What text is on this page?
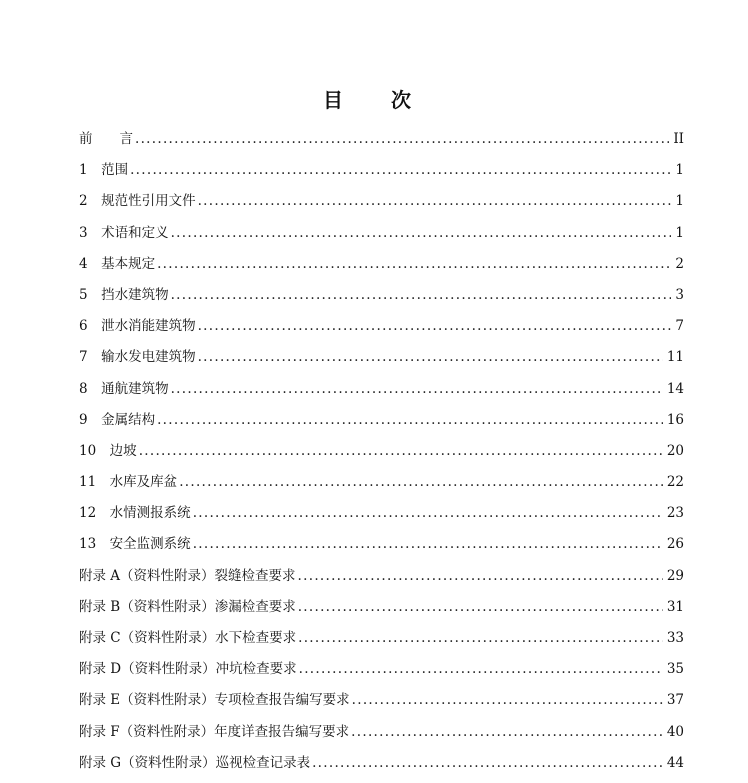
目　次
前　　言 .....	II
1　范围 .....	1
2　规范性引用文件 .....	1
3　术语和定义 .....	1
4　基本规定 .....	2
5　挡水建筑物 .....	3
6　泄水消能建筑物 .....	7
7　输水发电建筑物 .....	11
8　通航建筑物 .....	14
9　金属结构 .....	16
10　边坡 .....	20
11　水库及库盆 .....	22
12　水情测报系统 .....	23
13　安全监测系统 .....	26
附录 A（资料性附录）裂缝检查要求 .....	29
附录 B（资料性附录）渗漏检查要求 .....	31
附录 C（资料性附录）水下检查要求 .....	33
附录 D（资料性附录）冲坑检查要求 .....	35
附录 E（资料性附录）专项检查报告编写要求 .....	37
附录 F（资料性附录）年度详查报告编写要求 .....	40
附录 G（资料性附录）巡视检查记录表 .....	44
